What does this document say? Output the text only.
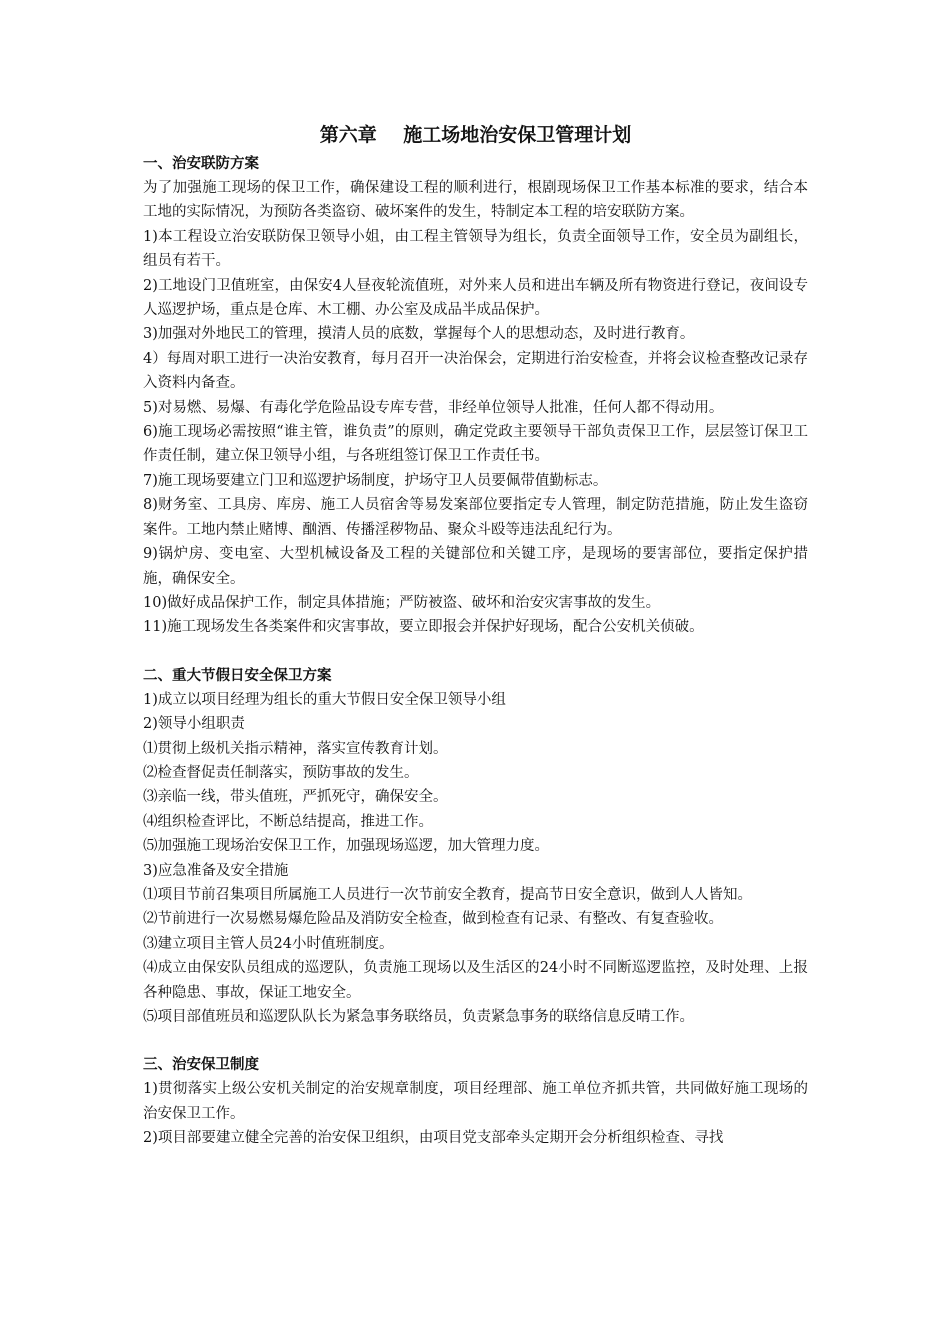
第六章    施工场地治安保卫管理计划
一、治安联防方案

为了加强施工现场的保卫工作，确保建设工程的顺利进行，根剧现场保卫工作基本标准的要求，结合本工地的实际情况，为预防各类盗窃、破坏案件的发生，特制定本工程的培安联防方案。

1)本工程设立治安联防保卫领导小姐，由工程主管领导为组长，负责全面领导工作，安全员为副组长，组员有若干。

2)工地设门卫值班室，由保安4人昼夜轮流值班，对外来人员和进出车辆及所有物资进行登记，夜间设专人巡逻护场，重点是仓库、木工棚、办公室及成品半成品保护。

3)加强对外地民工的管理，摸清人员的底数，掌握每个人的思想动态，及时进行教育。

4）每周对职工进行一决治安教育，每月召开一决治保会，定期进行治安检查，并将会议检查整改记录存入资料内备查。

5)对易燃、易爆、有毒化学危险品设专库专营，非经单位领导人批准，任何人都不得动用。

6)施工现场必需按照“谁主管，谁负责”的原则，确定党政主要领导干部负责保卫工作，层层签订保卫工作责任制，建立保卫领导小组，与各班组签订保卫工作责任书。

7)施工现场要建立门卫和巡逻护场制度，护场守卫人员要佩带值勤标志。

8)财务室、工具房、库房、施工人员宿舍等易发案部位要指定专人管理，制定防范措施，防止发生盗窃案件。工地内禁止赌博、酗酒、传播淫秽物品、聚众斗殴等违法乱纪行为。

9)锅炉房、变电室、大型机械设备及工程的关键部位和关键工序，是现场的要害部位，要指定保护措施，确保安全。

10)做好成品保护工作，制定具体措施；严防被盗、破坏和治安灾害事故的发生。

11)施工现场发生各类案件和灾害事故，要立即报会并保护好现场，配合公安机关侦破。

二、重大节假日安全保卫方案

1)成立以项目经理为组长的重大节假日安全保卫领导小组

2)领导小组职责

⑴贯彻上级机关指示精神，落实宣传教育计划。

⑵检查督促责任制落实，预防事故的发生。

⑶亲临一线，带头值班，严抓死守，确保安全。

⑷组织检查评比，不断总结提高，推进工作。

⑸加强施工现场治安保卫工作，加强现场巡逻，加大管理力度。

3)应急准备及安全措施

⑴项目节前召集项目所属施工人员进行一次节前安全教育，提高节日安全意识，做到人人皆知。

⑵节前进行一次易燃易爆危险品及消防安全检查，做到检查有记录、有整改、有复查验收。

⑶建立项目主管人员24小时值班制度。

⑷成立由保安队员组成的巡逻队，负责施工现场以及生活区的24小时不同断巡逻监控，及时处理、上报各种隐患、事故，保证工地安全。

⑸项目部值班员和巡逻队队长为紧急事务联络员，负责紧急事务的联络信息反晴工作。

三、治安保卫制度

1)贯彻落实上级公安机关制定的治安规章制度，项目经理部、施工单位齐抓共管，共同做好施工现场的治安保卫工作。

2)项目部要建立健全完善的治安保卫组织，由项目党支部牵头定期开会分析组织检查、寻找
